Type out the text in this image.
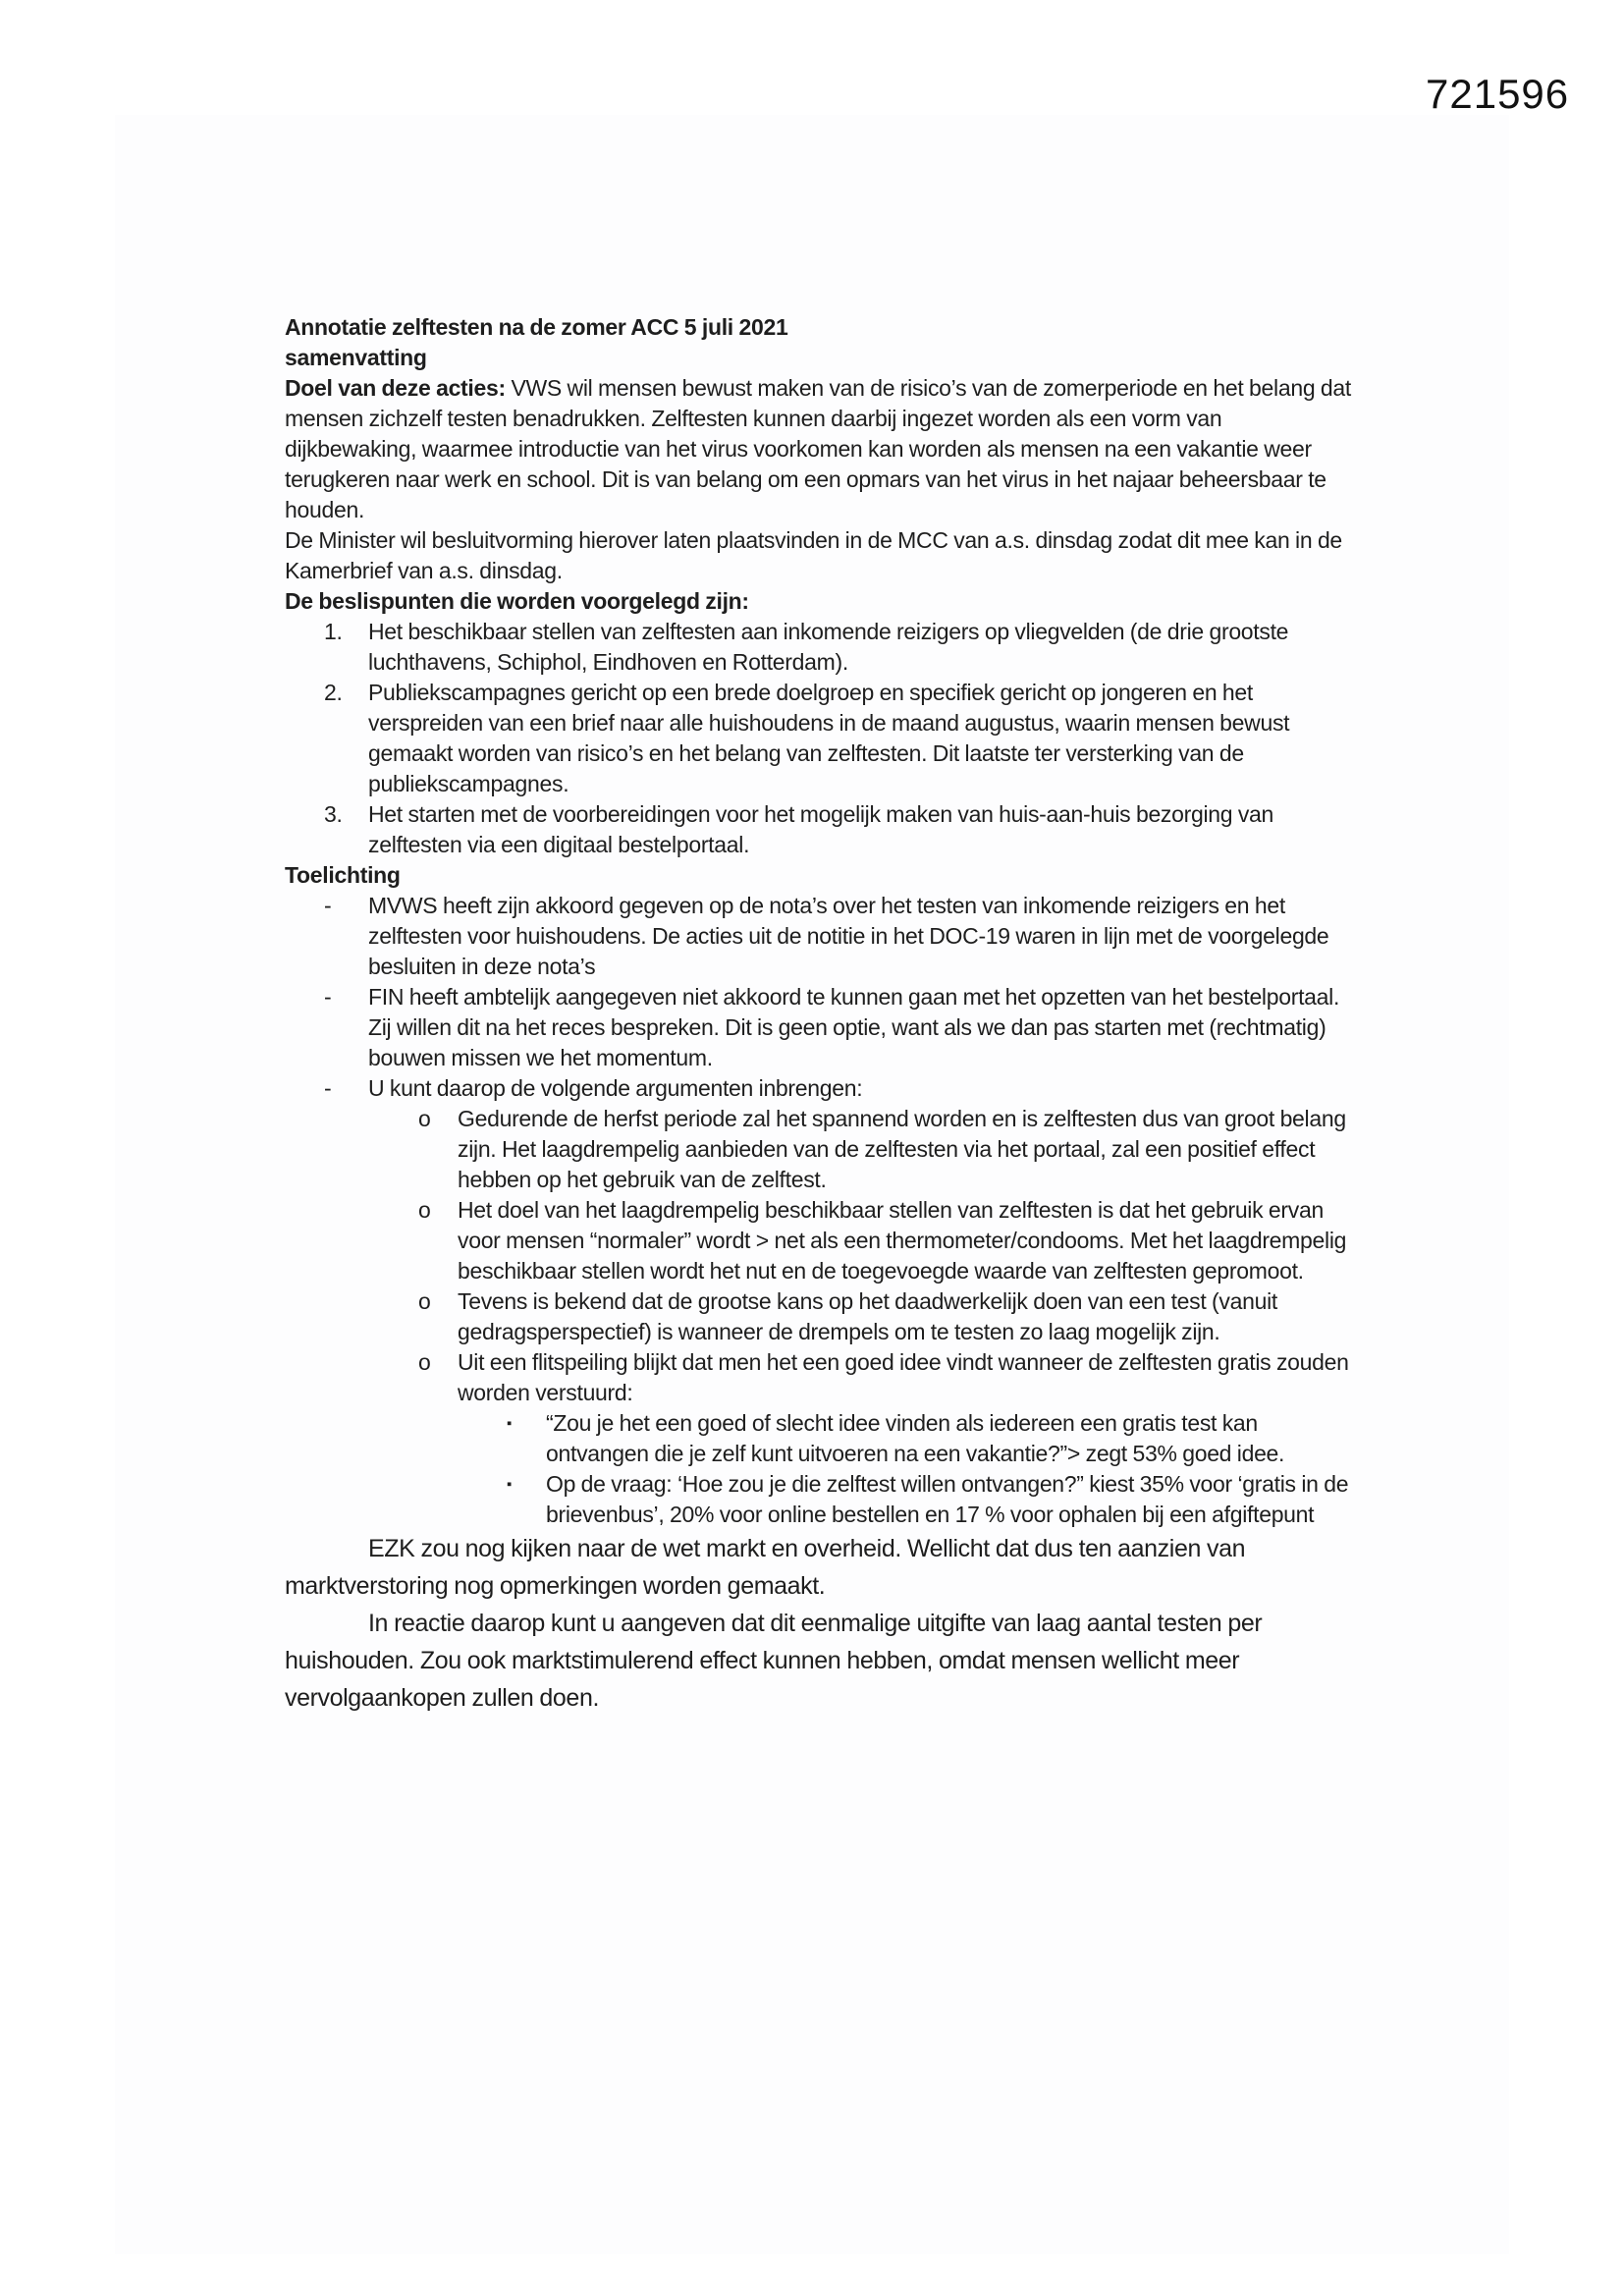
721596

Annotatie zelftesten na de zomer ACC 5 juli 2021

samenvatting

Doel van deze acties: VWS wil mensen bewust maken van de risico’s van de zomerperiode en het belang dat mensen zichzelf testen benadrukken. Zelftesten kunnen daarbij ingezet worden als een vorm van dijkbewaking, waarmee introductie van het virus voorkomen kan worden als mensen na een vakantie weer terugkeren naar werk en school. Dit is van belang om een opmars van het virus in het najaar beheersbaar te houden.

De Minister wil besluitvorming hierover laten plaatsvinden in de MCC van a.s. dinsdag zodat dit mee kan in de Kamerbrief van a.s. dinsdag.

De beslispunten die worden voorgelegd zijn:

1. Het beschikbaar stellen van zelftesten aan inkomende reizigers op vliegvelden (de drie grootste luchthavens, Schiphol, Eindhoven en Rotterdam).
2. Publiekscampagnes gericht op een brede doelgroep en specifiek gericht op jongeren en het verspreiden van een brief naar alle huishoudens in de maand augustus, waarin mensen bewust gemaakt worden van risico’s en het belang van zelftesten. Dit laatste ter versterking van de publiekscampagnes.
3. Het starten met de voorbereidingen voor het mogelijk maken van huis-aan-huis bezorging van zelftesten via een digitaal bestelportaal.

Toelichting

- MVWS heeft zijn akkoord gegeven op de nota’s over het testen van inkomende reizigers en het zelftesten voor huishoudens. De acties uit de notitie in het DOC-19 waren in lijn met de voorgelegde besluiten in deze nota’s
- FIN heeft ambtelijk aangegeven niet akkoord te kunnen gaan met het opzetten van het bestelportaal. Zij willen dit na het reces bespreken. Dit is geen optie, want als we dan pas starten met (rechtmatig) bouwen missen we het momentum.
- U kunt daarop de volgende argumenten inbrengen:
o Gedurende de herfst periode zal het spannend worden en is zelftesten dus van groot belang zijn. Het laagdrempelig aanbieden van de zelftesten via het portaal, zal een positief effect hebben op het gebruik van de zelftest.
o Het doel van het laagdrempelig beschikbaar stellen van zelftesten is dat het gebruik ervan voor mensen “normaler” wordt > net als een thermometer/condooms. Met het laagdrempelig beschikbaar stellen wordt het nut en de toegevoegde waarde van zelftesten gepromoot.
o Tevens is bekend dat de grootse kans op het daadwerkelijk doen van een test (vanuit gedragsperspectief) is wanneer de drempels om te testen zo laag mogelijk zijn.
o Uit een flitspeiling blijkt dat men het een goed idee vindt wanneer de zelftesten gratis zouden worden verstuurd:
▪ “Zou je het een goed of slecht idee vinden als iedereen een gratis test kan ontvangen die je zelf kunt uitvoeren na een vakantie?”> zegt 53% goed idee.
▪ Op de vraag: ‘Hoe zou je die zelftest willen ontvangen?” kiest 35% voor ‘gratis in de brievenbus’, 20% voor online bestellen en 17 % voor ophalen bij een afgiftepunt

EZK zou nog kijken naar de wet markt en overheid. Wellicht dat dus ten aanzien van marktverstoring nog opmerkingen worden gemaakt.

In reactie daarop kunt u aangeven dat dit eenmalige uitgifte van laag aantal testen per huishouden. Zou ook marktstimulerend effect kunnen hebben, omdat mensen wellicht meer vervolgaankopen zullen doen.
